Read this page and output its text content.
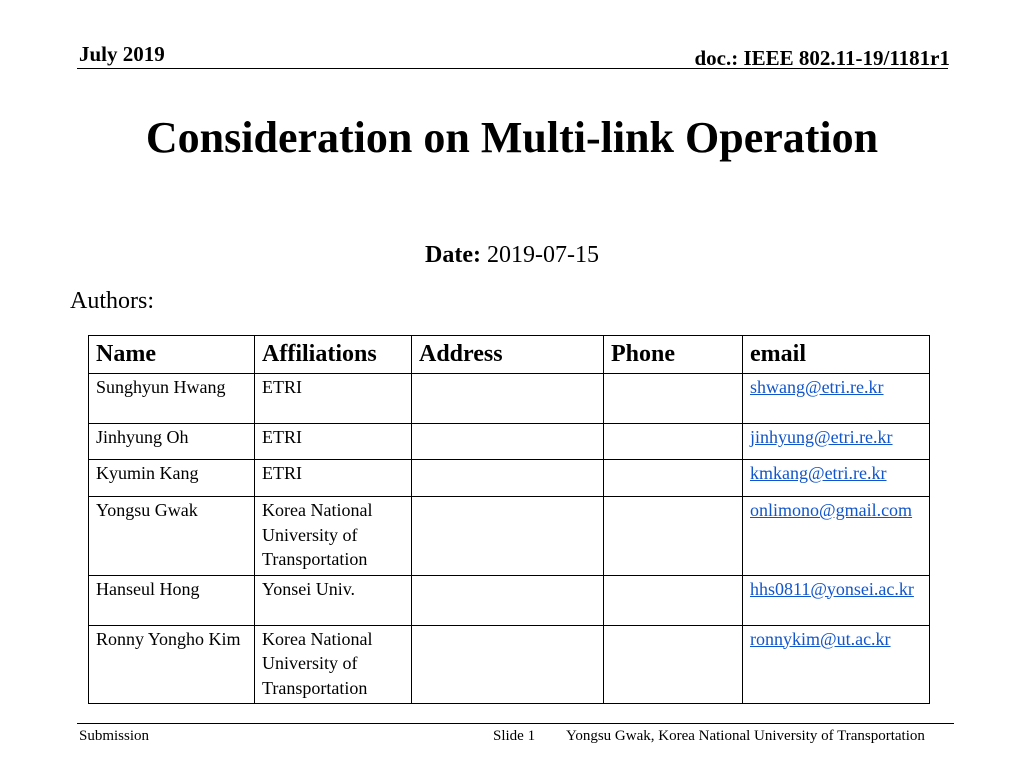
July 2019	doc.: IEEE 802.11-19/1181r1
Consideration on Multi-link Operation
Date: 2019-07-15
Authors:
Name	Affiliations	Address	Phone	email
Sunghyun Hwang	ETRI			shwang@etri.re.kr
Jinhyung Oh	ETRI			jinhyung@etri.re.kr
Kyumin Kang	ETRI			kmkang@etri.re.kr
Yongsu Gwak	Korea National University of Transportation			onlimono@gmail.com
Hanseul Hong	Yonsei Univ.			hhs0811@yonsei.ac.kr
Ronny Yongho Kim	Korea National University of Transportation			ronnykim@ut.ac.kr
Submission	Slide 1 Yongsu Gwak, Korea National University of Transportation
